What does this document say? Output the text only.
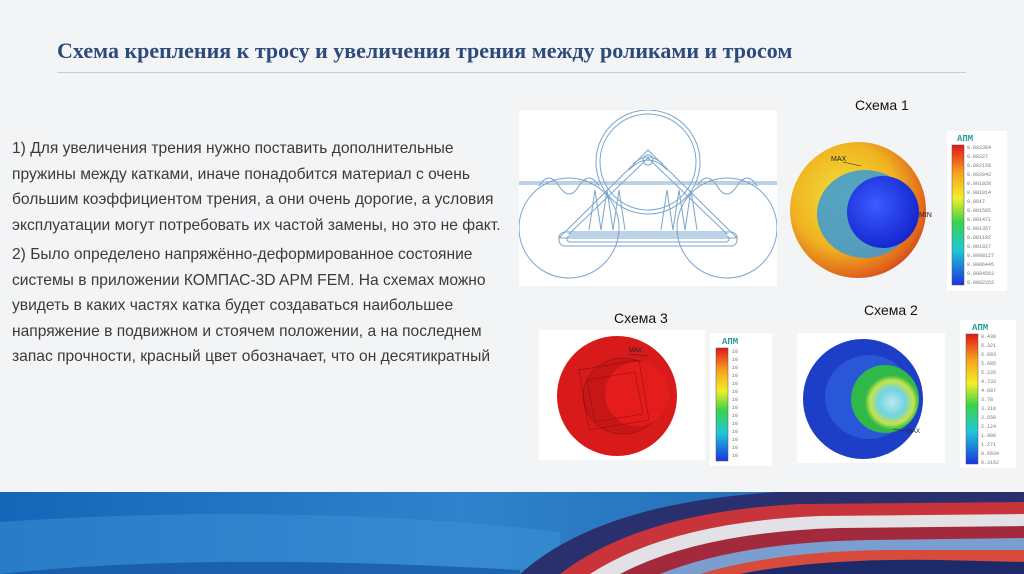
Схема крепления к тросу и увеличения трения между роликами и тросом

1) Для увеличения трения нужно поставить дополнительные пружины между катками, иначе понадобится материал с очень большим коэффициентом трения, а они очень дорогие, а условия эксплуатации могут потребовать их частой замены, но это не факт.

2) Было определено напряжённо-деформированное состояние системы в приложении КОМПАС-3D APM FEM. На схемах можно увидеть в каких частях катка будет создаваться наибольшее напряжение в подвижном и стоячем положении, а на последнем запас прочности, красный цвет обозначает, что он десятикратный

Схема 1
Схема 2
Схема 3
MAX
MIN
АПМ
0.002384
0.00227
0.002158
0.002042
0.001928
0.001814
0.0017
0.001585
0.001471
0.001357
0.001192
0.001027
0.0008127
0.0006445
0.0004563
0.0002262
MAX
АПМ
10
10
10
10
10
10
10
10
10
10
10
10
10
10
MAX
АПМ
8.438
6.321
6.093
5.685
5.226
4.733
4.097
3.78
3.318
2.659
2.124
1.906
1.271
0.6634
0.3162
